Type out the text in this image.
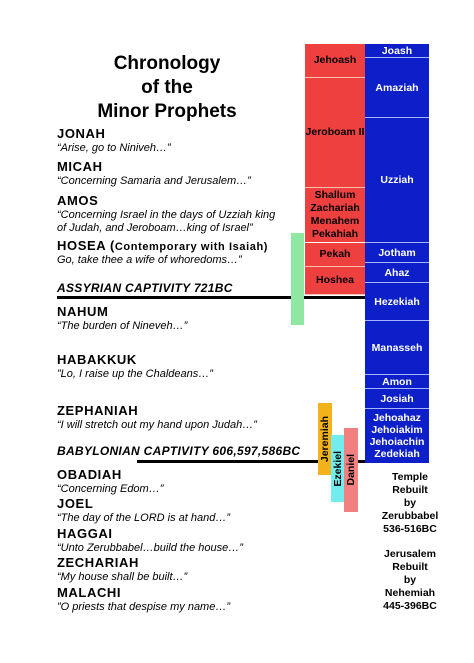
Chronology
of the
Minor Prophets
JONAH
“Arise, go to Niniveh…”
MICAH
“Concerning Samaria and Jerusalem…”
AMOS
“Concerning Israel in the days of Uzziah king
of Judah, and Jeroboam…king of Israel”
HOSEA (Contemporary with Isaiah)
Go, take thee a wife of whoredoms…”
ASSYRIAN CAPTIVITY 721BC
NAHUM
“The burden of Nineveh…”
HABAKKUK
”Lo, I raise up the Chaldeans…”
ZEPHANIAH
“I will stretch out my hand upon Judah…”
BABYLONIAN CAPTIVITY 606,597,586BC
OBADIAH
“Concerning Edom…”
JOEL
“The day of the LORD is at hand…”
HAGGAI
“Unto Zerubbabel…build the house…”
ZECHARIAH
“My house shall be built…”
MALACHI
”O priests that despise my name…”
Jehoash
Jeroboam II
Shallum
Zachariah
Menahem
Pekahiah
Pekah
Hoshea
Joash
Amaziah
Uzziah
Jotham
Ahaz
Hezekiah
Manasseh
Amon
Josiah
Jehoahaz
Jehoiakim
Jehoiachin
Zedekiah
Jeremiah
Ezekiel Daniel	Temple
Rebuilt
by
Zerubbabel
536-516BC
Jerusalem
Rebuilt
by
Nehemiah
445-396BC
